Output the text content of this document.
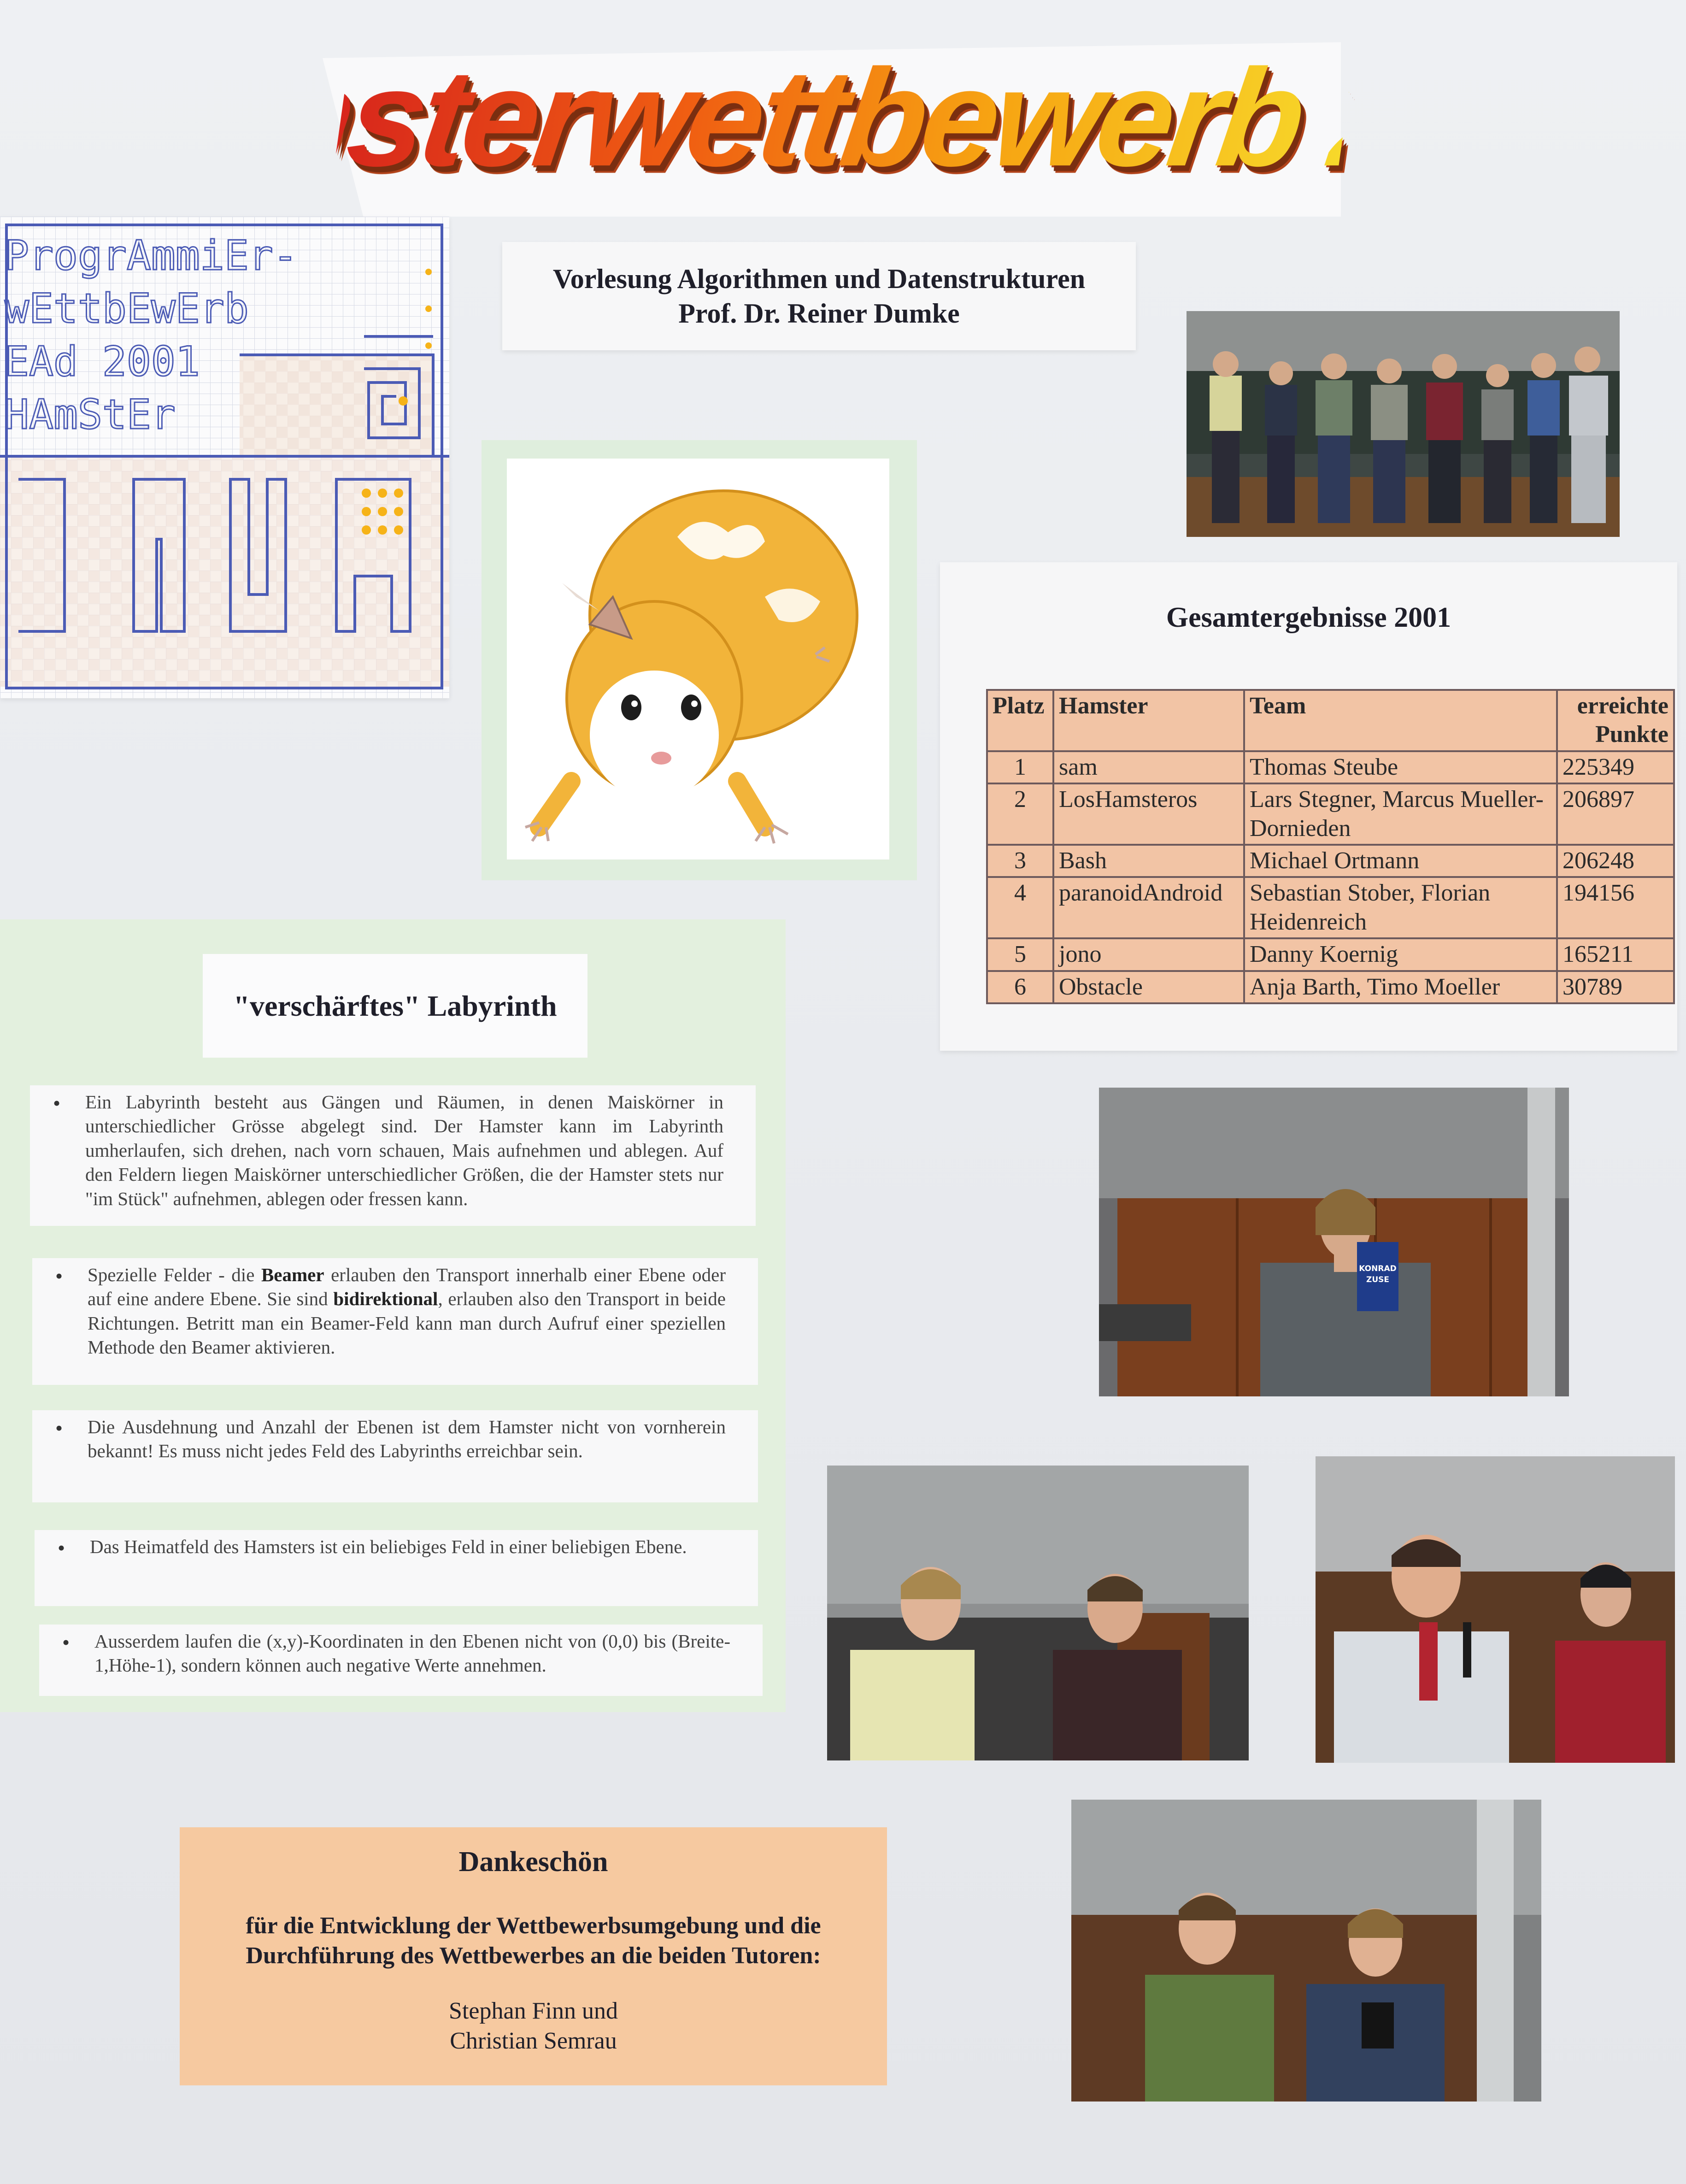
Hamsterwettbewerb 2001
ProgrAmmiEr-
wEttbEwErb
EAd 2001
HAmStEr
Vorlesung Algorithmen und Datenstrukturen
Prof. Dr. Reiner Dumke
Gesamtergebnisse 2001
Platz	Hamster	Team	erreichte
Punkte
1	sam	Thomas Steube	225349
2	LosHamsteros	Lars Stegner, Marcus Mueller-Dornieden	206897
3	Bash	Michael Ortmann	206248
4	paranoidAndroid	Sebastian Stober, Florian Heidenreich	194156
5	jono	Danny Koernig	165211
6	Obstacle	Anja Barth, Timo Moeller	30789
"verschärftes" Labyrinth
• Ein Labyrinth besteht aus Gängen und Räumen, in denen Maiskörner in unterschiedlicher Grösse abgelegt sind. Der Hamster kann im Labyrinth umherlaufen, sich drehen, nach vorn schauen, Mais aufnehmen und ablegen. Auf den Feldern liegen Maiskörner unterschiedlicher Größen, die der Hamster stets nur "im Stück" aufnehmen, ablegen oder fressen kann.
• Spezielle Felder - die Beamer erlauben den Transport innerhalb einer Ebene oder auf eine andere Ebene. Sie sind bidirektional, erlauben also den Transport in beide Richtungen. Betritt man ein Beamer-Feld kann man durch Aufruf einer speziellen Methode den Beamer aktivieren.
• Die Ausdehnung und Anzahl der Ebenen ist dem Hamster nicht von vornherein bekannt! Es muss nicht jedes Feld des Labyrinths erreichbar sein.
• Das Heimatfeld des Hamsters ist ein beliebiges Feld in einer beliebigen Ebene.
• Ausserdem laufen die (x,y)-Koordinaten in den Ebenen nicht von (0,0) bis (Breite-1,Höhe-1), sondern können auch negative Werte annehmen.
KONRAD
ZUSE
Dankeschön
für die Entwicklung der Wettbewerbsumgebung und die
Durchführung des Wettbewerbes an die beiden Tutoren:
Stephan Finn und
Christian Semrau
